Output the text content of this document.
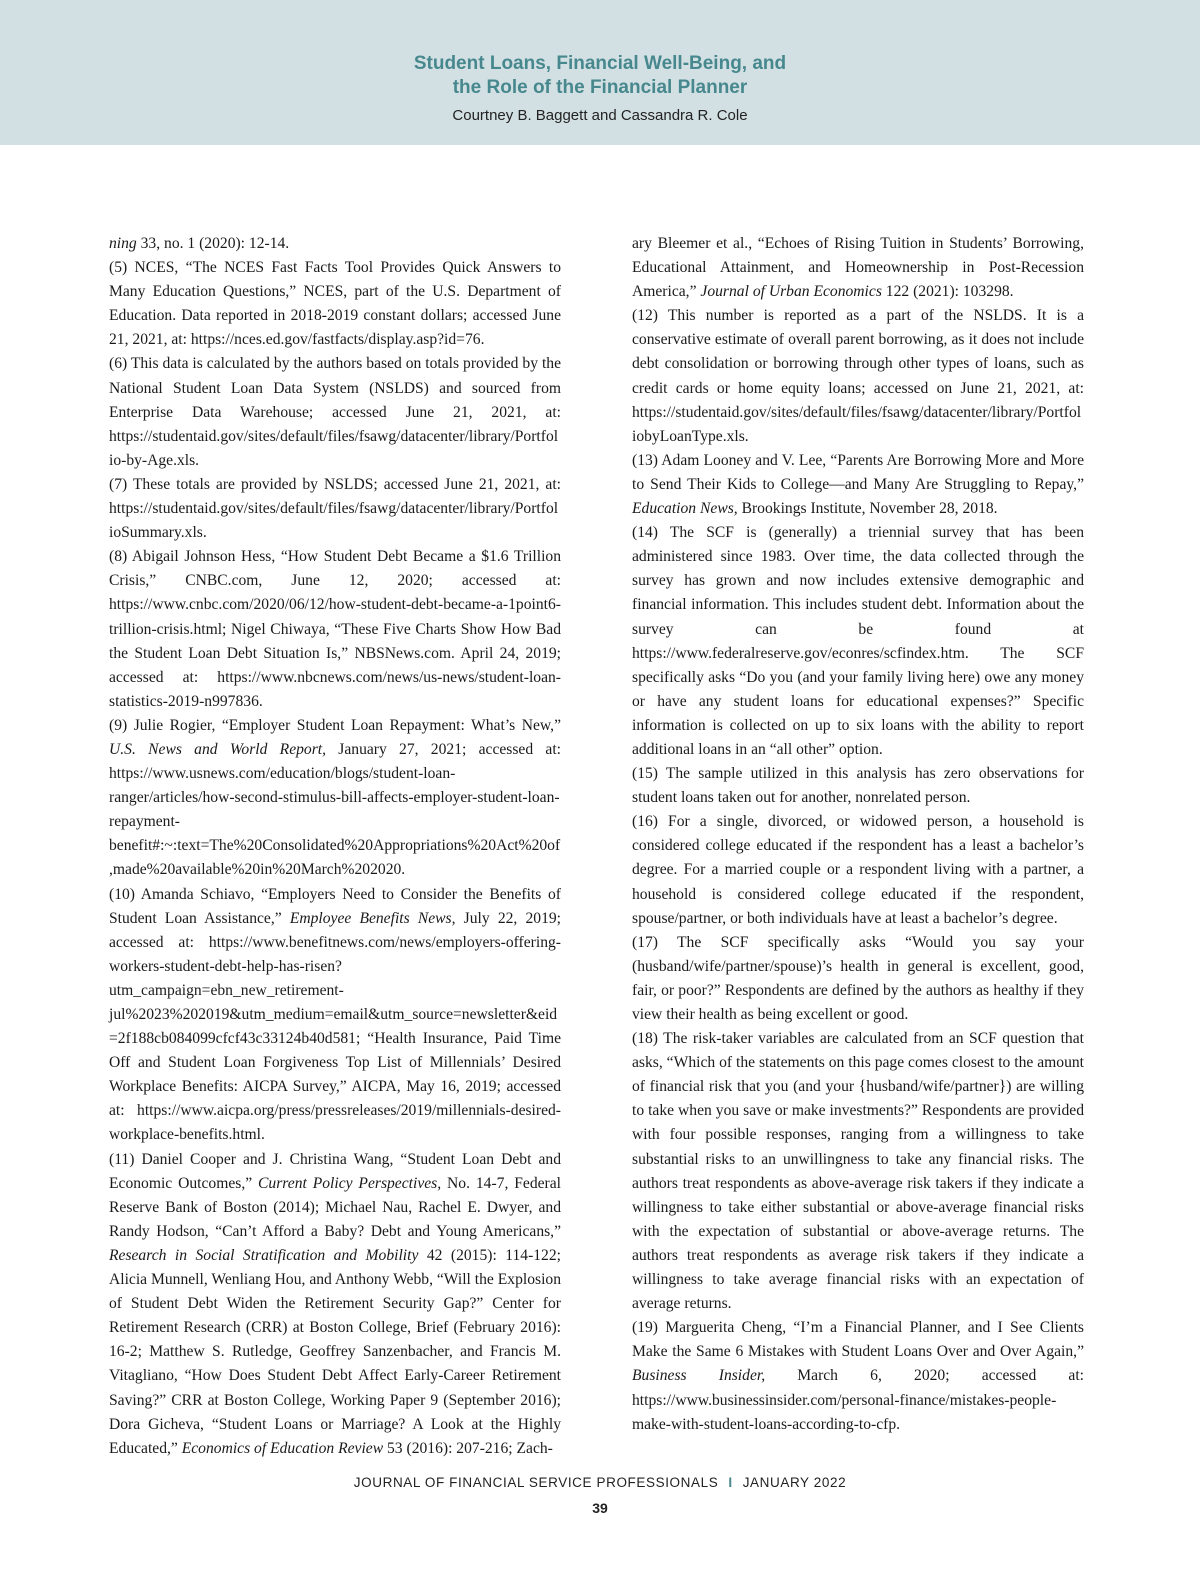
Student Loans, Financial Well-Being, and
the Role of the Financial Planner
Courtney B. Baggett and Cassandra R. Cole

ning 33, no. 1 (2020): 12-14.

(5) NCES, “The NCES Fast Facts Tool Provides Quick Answers to Many Education Questions,” NCES, part of the U.S. Department of Education. Data reported in 2018-2019 constant dollars; accessed June 21, 2021, at: https://nces.ed.gov/fastfacts/display.asp?id=76.

(6) This data is calculated by the authors based on totals provided by the National Student Loan Data System (NSLDS) and sourced from Enterprise Data Warehouse; accessed June 21, 2021, at: https://studentaid.gov/sites/default/files/fsawg/datacenter/library/Portfolio-by-Age.xls.

(7) These totals are provided by NSLDS; accessed June 21, 2021, at: https://studentaid.gov/sites/default/files/fsawg/datacenter/library/PortfolioSummary.xls.

(8) Abigail Johnson Hess, “How Student Debt Became a $1.6 Trillion Crisis,” CNBC.com, June 12, 2020; accessed at: https://www.cnbc.com/2020/06/12/how-student-debt-became-a-1point6-trillion-crisis.html; Nigel Chiwaya, “These Five Charts Show How Bad the Student Loan Debt Situation Is,” NBSNews.com. April 24, 2019; accessed at: https://www.nbcnews.com/news/us-news/student-loan-statistics-2019-n997836.

(9) Julie Rogier, “Employer Student Loan Repayment: What’s New,” U.S. News and World Report, January 27, 2021; accessed at: https://www.usnews.com/education/blogs/student-loan-ranger/articles/how-second-stimulus-bill-affects-employer-student-loan-repayment-benefit#:~:text=The%20Consolidated%20Appropriations%20Act%20of,made%20available%20in%20March%202020.

(10) Amanda Schiavo, “Employers Need to Consider the Benefits of Student Loan Assistance,” Employee Benefits News, July 22, 2019; accessed at: https://www.benefitnews.com/news/employers-offering-workers-student-debt-help-has-risen?utm_campaign=ebn_new_retirement-jul%2023%202019&utm_medium=email&utm_source=newsletter&eid=2f188cb084099cfcf43c33124b40d581; “Health Insurance, Paid Time Off and Student Loan Forgiveness Top List of Millennials’ Desired Workplace Benefits: AICPA Survey,” AICPA, May 16, 2019; accessed at: https://www.aicpa.org/press/pressreleases/2019/millennials-desired-workplace-benefits.html.

(11) Daniel Cooper and J. Christina Wang, “Student Loan Debt and Economic Outcomes,” Current Policy Perspectives, No. 14-7, Federal Reserve Bank of Boston (2014); Michael Nau, Rachel E. Dwyer, and Randy Hodson, “Can’t Afford a Baby? Debt and Young Americans,” Research in Social Stratification and Mobility 42 (2015): 114-122; Alicia Munnell, Wenliang Hou, and Anthony Webb, “Will the Explosion of Student Debt Widen the Retirement Security Gap?” Center for Retirement Research (CRR) at Boston College, Brief (February 2016): 16-2; Matthew S. Rutledge, Geoffrey Sanzenbacher, and Francis M. Vitagliano, “How Does Student Debt Affect Early-Career Retirement Saving?” CRR at Boston College, Working Paper 9 (September 2016); Dora Gicheva, “Student Loans or Marriage? A Look at the Highly Educated,” Economics of Education Review 53 (2016): 207-216; Zach-

ary Bleemer et al., “Echoes of Rising Tuition in Students’ Borrowing, Educational Attainment, and Homeownership in Post-Recession America,” Journal of Urban Economics 122 (2021): 103298.

(12) This number is reported as a part of the NSLDS. It is a conservative estimate of overall parent borrowing, as it does not include debt consolidation or borrowing through other types of loans, such as credit cards or home equity loans; accessed on June 21, 2021, at: https://studentaid.gov/sites/default/files/fsawg/datacenter/library/PortfoliobyLoanType.xls.

(13) Adam Looney and V. Lee, “Parents Are Borrowing More and More to Send Their Kids to College—and Many Are Struggling to Repay,” Education News, Brookings Institute, November 28, 2018.

(14) The SCF is (generally) a triennial survey that has been administered since 1983. Over time, the data collected through the survey has grown and now includes extensive demographic and financial information. This includes student debt. Information about the survey can be found at https://www.federalreserve.gov/econres/scfindex.htm. The SCF specifically asks “Do you (and your family living here) owe any money or have any student loans for educational expenses?” Specific information is collected on up to six loans with the ability to report additional loans in an “all other” option.

(15) The sample utilized in this analysis has zero observations for student loans taken out for another, nonrelated person.

(16) For a single, divorced, or widowed person, a household is considered college educated if the respondent has a least a bachelor’s degree. For a married couple or a respondent living with a partner, a household is considered college educated if the respondent, spouse/partner, or both individuals have at least a bachelor’s degree.

(17) The SCF specifically asks “Would you say your (husband/wife/partner/spouse)’s health in general is excellent, good, fair, or poor?” Respondents are defined by the authors as healthy if they view their health as being excellent or good.

(18) The risk-taker variables are calculated from an SCF question that asks, “Which of the statements on this page comes closest to the amount of financial risk that you (and your {husband/wife/partner}) are willing to take when you save or make investments?” Respondents are provided with four possible responses, ranging from a willingness to take substantial risks to an unwillingness to take any financial risks. The authors treat respondents as above-average risk takers if they indicate a willingness to take either substantial or above-average financial risks with the expectation of substantial or above-average returns. The authors treat respondents as average risk takers if they indicate a willingness to take average financial risks with an expectation of average returns.

(19) Marguerita Cheng, “I’m a Financial Planner, and I See Clients Make the Same 6 Mistakes with Student Loans Over and Over Again,” Business Insider, March 6, 2020; accessed at: https://www.businessinsider.com/personal-finance/mistakes-people-make-with-student-loans-according-to-cfp.

JOURNAL OF FINANCIAL SERVICE PROFESSIONALS I JANUARY 2022
39
